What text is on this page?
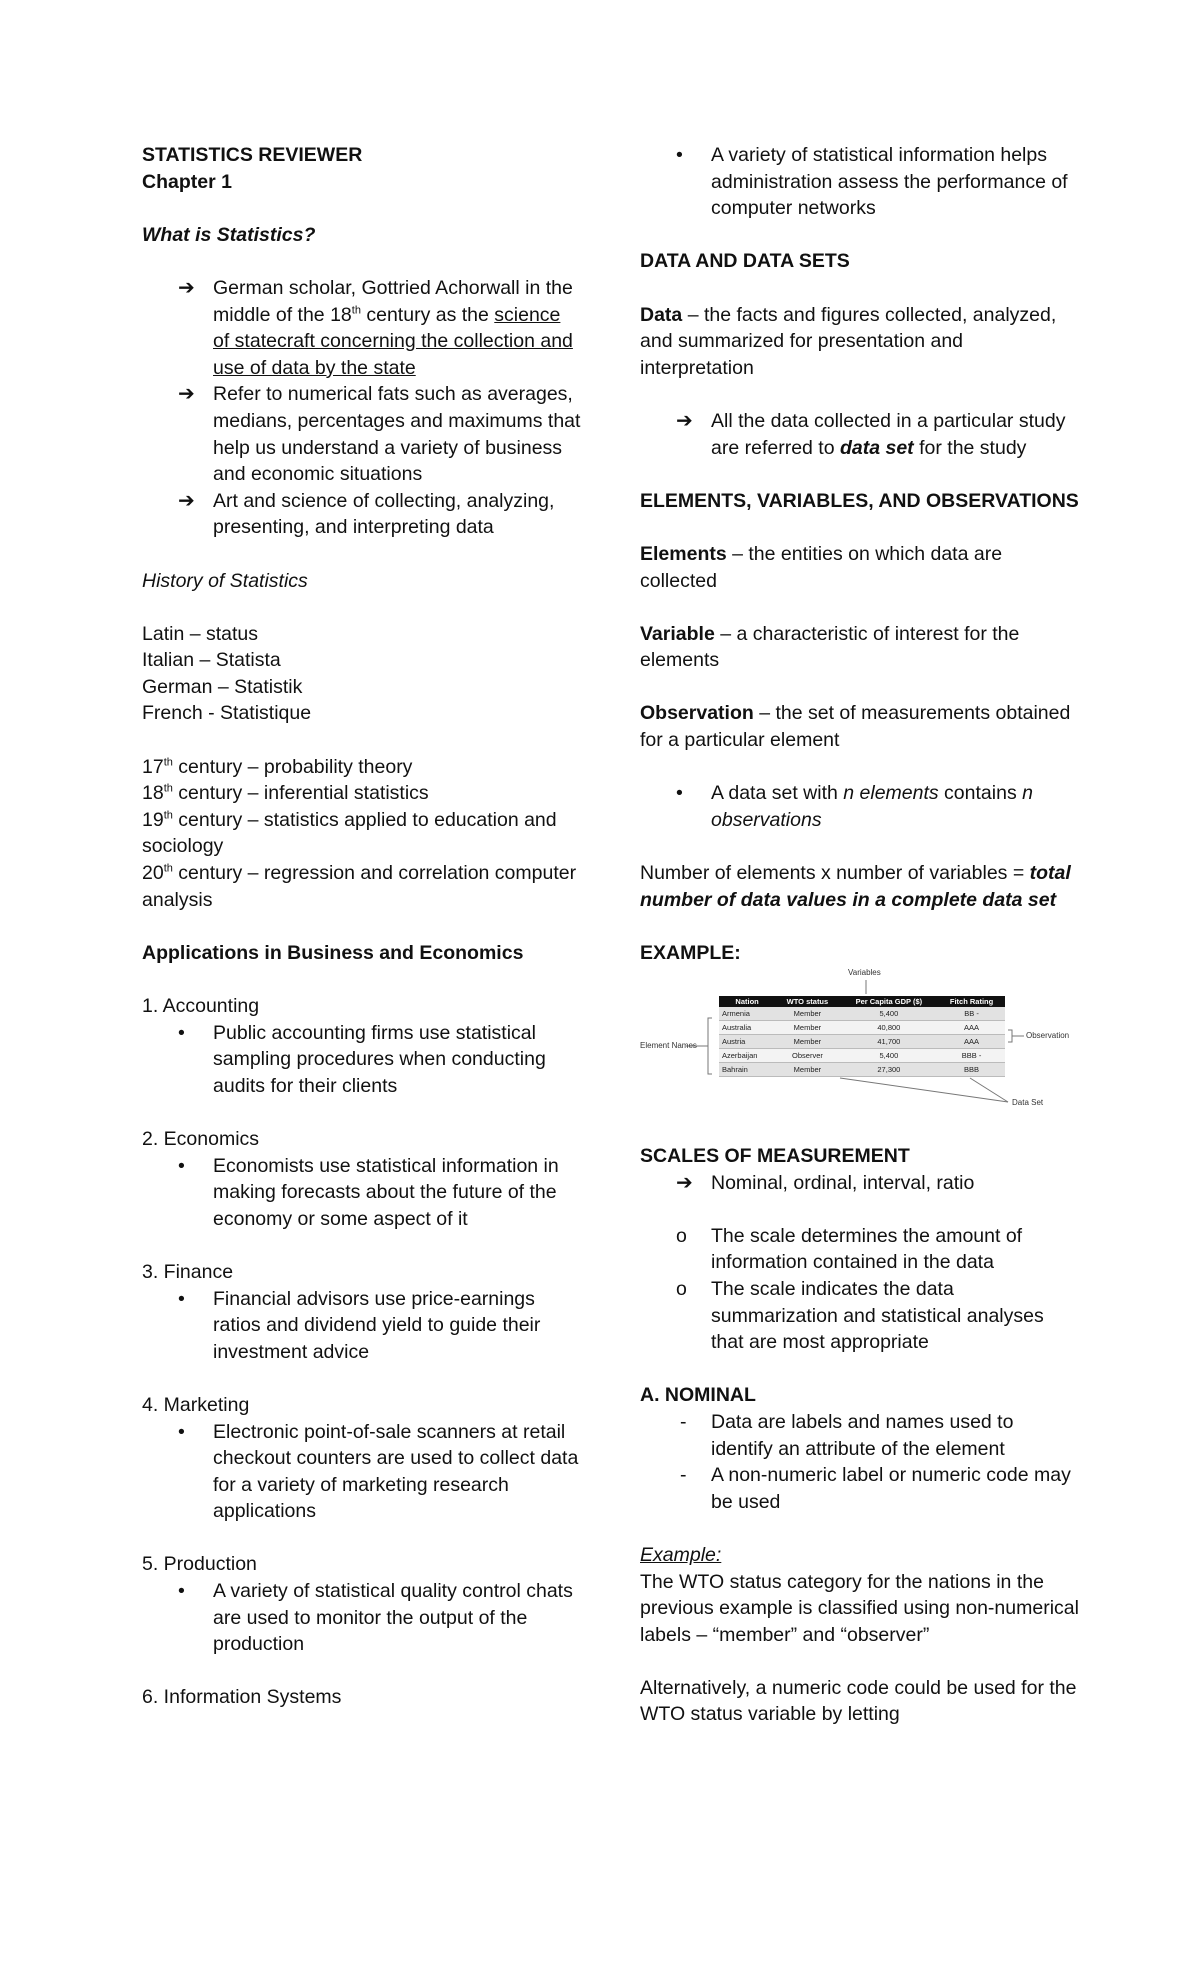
STATISTICS REVIEWER

Chapter 1

What is Statistics?

➔ German scholar, Gottried Achorwall in the middle of the 18th century as the science of statecraft concerning the collection and use of data by the state
➔ Refer to numerical fats such as averages, medians, percentages and maximums that help us understand a variety of business and economic situations
➔ Art and science of collecting, analyzing, presenting, and interpreting data

History of Statistics

Latin – status

Italian – Statista

German – Statistik

French - Statistique

17th century – probability theory

18th century – inferential statistics

19th century – statistics applied to education and sociology

20th century – regression and correlation computer analysis

Applications in Business and Economics

1. Accounting

•	Public accounting firms use statistical sampling procedures when conducting audits for their clients

2. Economics

•	Economists use statistical information in making forecasts about the future of the economy or some aspect of it

3. Finance

•	Financial advisors use price-earnings ratios and dividend yield to guide their investment advice

4. Marketing

•	Electronic point-of-sale scanners at retail checkout counters are used to collect data for a variety of marketing research applications

5. Production

•	A variety of statistical quality control chats are used to monitor the output of the production

6. Information Systems

•	A variety of statistical information helps administration assess the performance of computer networks

DATA AND DATA SETS

Data – the facts and figures collected, analyzed, and summarized for presentation and interpretation

➔ All the data collected in a particular study are referred to data set for the study

ELEMENTS, VARIABLES, AND OBSERVATIONS

Elements – the entities on which data are collected

Variable – a characteristic of interest for the elements

Observation – the set of measurements obtained for a particular element

•	A data set with n elements contains n observations

Number of elements x number of variables = total number of data values in a complete data set

EXAMPLE:

Variables
Element Names
Observation
Data Set
Nation	WTO status	Per Capita GDP ($)	Fitch Rating
Armenia	Member	5,400	BB -
Australia	Member	40,800	AAA
Austria	Member	41,700	AAA
Azerbaijan	Observer	5,400	BBB -
Bahrain	Member	27,300	BBB

SCALES OF MEASUREMENT

➔ Nominal, ordinal, interval, ratio
o	The scale determines the amount of information contained in the data
o	The scale indicates the data summarization and statistical analyses that are most appropriate

A. NOMINAL

-	Data are labels and names used to identify an attribute of the element
-	A non-numeric label or numeric code may be used

Example:

The WTO status category for the nations in the previous example is classified using non-numerical labels – “member” and “observer”

Alternatively, a numeric code could be used for the WTO status variable by letting
